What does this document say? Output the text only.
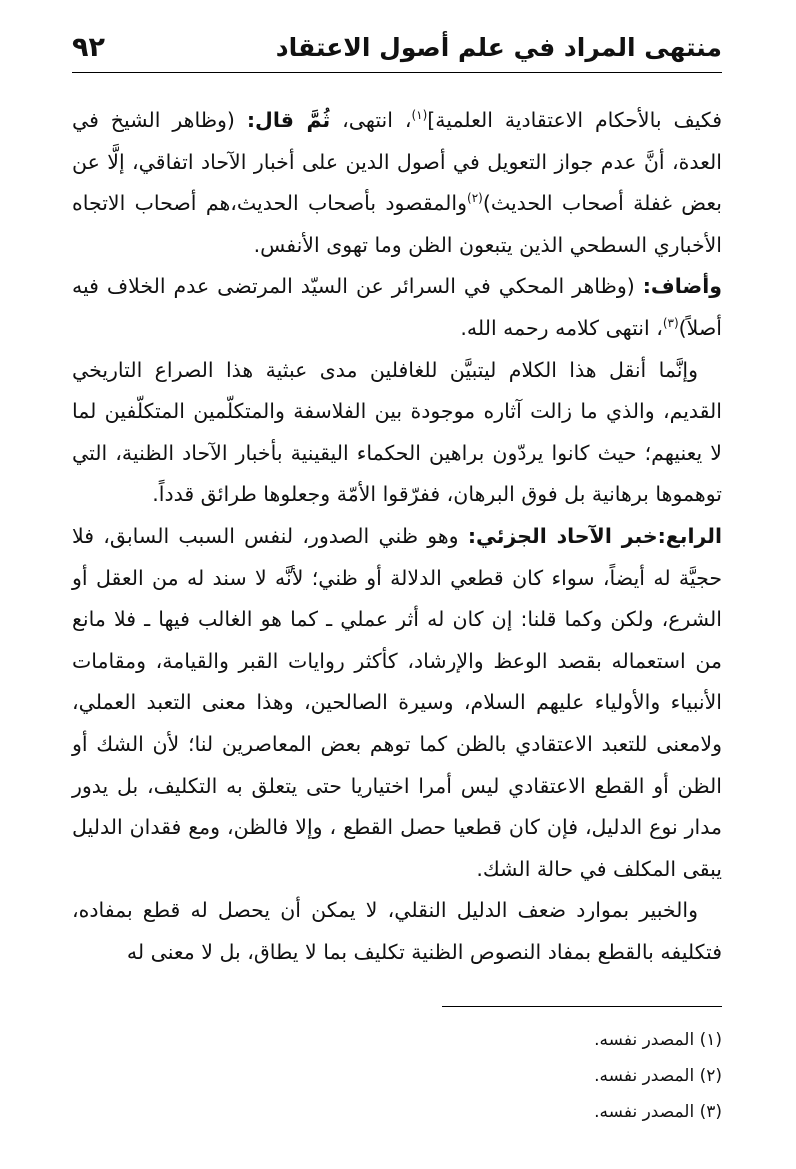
منتهى المراد في علم أصول الاعتقاد
٩٢

فكيف بالأحكام الاعتقادية العلمية]$^{(١)}$، انتهى، ثُمَّ قال: (وظاهر الشيخ في العدة، أنَّ عدم جواز التعويل في أصول الدين على أخبار الآحاد اتفاقي، إلَّا عن بعض غفلة أصحاب الحديث)$^{(٢)}$والمقصود بأصحاب الحديث،هم أصحاب الاتجاه الأخباري السطحي الذين يتبعون الظن وما تهوى الأنفس.

وأضاف: (وظاهر المحكي في السرائر عن السيّد المرتضى عدم الخلاف فيه أصلاً)$^{(٣)}$، انتهى كلامه رحمه الله.

وإنَّما أنقل هذا الكلام ليتبيَّن للغافلين مدى عبثية هذا الصراع التاريخي القديم، والذي ما زالت آثاره موجودة بين الفلاسفة والمتكلّمين المتكلّفين لما لا يعنيهم؛ حيث كانوا يردّون براهين الحكماء اليقينية بأخبار الآحاد الظنية، التي توهموها برهانية بل فوق البرهان، ففرّقوا الأمّة وجعلوها طرائق قدداً.

الرابع:خبر الآحاد الجزئي: وهو ظني الصدور، لنفس السبب السابق، فلا حجيَّة له أيضاً، سواء كان قطعي الدلالة أو ظني؛ لأنَّه لا سند له من العقل أو الشرع، ولكن وكما قلنا: إن كان له أثر عملي ـ كما هو الغالب فيها ـ فلا مانع من استعماله بقصد الوعظ والإرشاد، كأكثر روايات القبر والقيامة، ومقامات الأنبياء والأولياء عليهم السلام، وسيرة الصالحين، وهذا معنى التعبد العملي، ولامعنى للتعبد الاعتقادي بالظن كما توهم بعض المعاصرين لنا؛ لأن الشك أو الظن أو القطع الاعتقادي ليس أمرا اختياريا حتى يتعلق به التكليف، بل يدور مدار نوع الدليل، فإن كان قطعيا حصل القطع ، وإلا فالظن، ومع فقدان الدليل يبقى المكلف في حالة الشك.

والخبير بموارد ضعف الدليل النقلي، لا يمكن أن يحصل له قطع بمفاده، فتكليفه بالقطع بمفاد النصوص الظنية تكليف بما لا يطاق، بل لا معنى له

(١) المصدر نفسه.
(٢) المصدر نفسه.
(٣) المصدر نفسه.
